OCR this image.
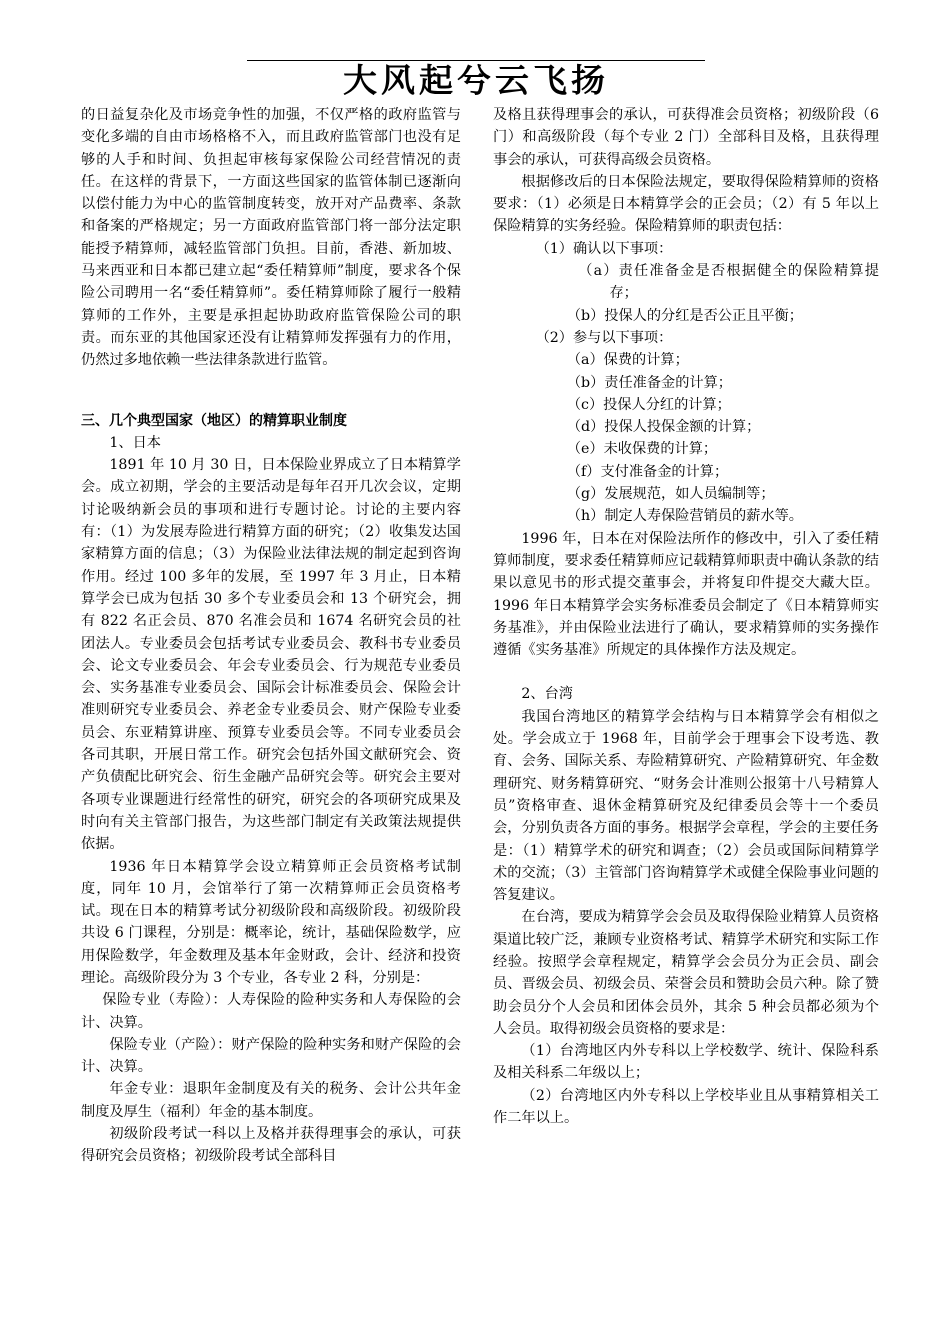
大风起兮云飞扬

的日益复杂化及市场竞争性的加强，不仅严格的政府监管与变化多端的自由市场格格不入，而且政府监管部门也没有足够的人手和时间、负担起审核每家保险公司经营情况的责任。在这样的背景下，一方面这些国家的监管体制已逐渐向以偿付能力为中心的监管制度转变，放开对产品费率、条款和备案的严格规定；另一方面政府监管部门将一部分法定职能授予精算师，减轻监管部门负担。目前，香港、新加坡、马来西亚和日本都已建立起“委任精算师”制度，要求各个保险公司聘用一名“委任精算师”。委任精算师除了履行一般精算师的工作外，主要是承担起协助政府监管保险公司的职责。而东亚的其他国家还没有让精算师发挥强有力的作用，仍然过多地依赖一些法律条款进行监管。

三、几个典型国家（地区）的精算职业制度

1、日本

1891 年 10 月 30 日，日本保险业界成立了日本精算学会。成立初期，学会的主要活动是每年召开几次会议，定期讨论吸纳新会员的事项和进行专题讨论。讨论的主要内容有：（1）为发展寿险进行精算方面的研究；（2）收集发达国家精算方面的信息；（3）为保险业法律法规的制定起到咨询作用。经过 100 多年的发展，至 1997 年 3 月止，日本精算学会已成为包括 30 多个专业委员会和 13 个研究会，拥有 822 名正会员、870 名准会员和 1674 名研究会员的社团法人。专业委员会包括考试专业委员会、教科书专业委员会、论文专业委员会、年会专业委员会、行为规范专业委员会、实务基准专业委员会、国际会计标准委员会、保险会计准则研究专业委员会、养老金专业委员会、财产保险专业委员会、东亚精算讲座、预算专业委员会等。不同专业委员会各司其职，开展日常工作。研究会包括外国文献研究会、资产负债配比研究会、衍生金融产品研究会等。研究会主要对各项专业课题进行经常性的研究，研究会的各项研究成果及时向有关主管部门报告，为这些部门制定有关政策法规提供依据。

1936 年日本精算学会设立精算师正会员资格考试制度，同年 10 月，会馆举行了第一次精算师正会员资格考试。现在日本的精算考试分初级阶段和高级阶段。初级阶段共设 6 门课程，分别是：概率论，统计，基础保险数学，应用保险数学，年金数理及基本年金财政，会计、经济和投资理论。高级阶段分为 3 个专业，各专业 2 科，分别是：

保险专业（寿险）：人寿保险的险种实务和人寿保险的会计、决算。

保险专业（产险）：财产保险的险种实务和财产保险的会计、决算。

年金专业：退职年金制度及有关的税务、会计公共年金制度及厚生（福利）年金的基本制度。

初级阶段考试一科以上及格并获得理事会的承认，可获得研究会员资格；初级阶段考试全部科目

及格且获得理事会的承认，可获得准会员资格；初级阶段（6 门）和高级阶段（每个专业 2 门）全部科目及格，且获得理事会的承认，可获得高级会员资格。

根据修改后的日本保险法规定，要取得保险精算师的资格要求：（1）必须是日本精算学会的正会员；（2）有 5 年以上保险精算的实务经验。保险精算师的职责包括：

（1）确认以下事项：

（a）责任准备金是否根据健全的保险精算提存；

（b）投保人的分红是否公正且平衡；

（2）参与以下事项：

（a）保费的计算；

（b）责任准备金的计算；

（c）投保人分红的计算；

（d）投保人投保金额的计算；

（e）未收保费的计算；

（f）支付准备金的计算；

（g）发展规范，如人员编制等；

（h）制定人寿保险营销员的薪水等。

1996 年，日本在对保险法所作的修改中，引入了委任精算师制度，要求委任精算师应记载精算师职责中确认条款的结果以意见书的形式提交董事会，并将复印件提交大藏大臣。1996 年日本精算学会实务标准委员会制定了《日本精算师实务基准》，并由保险业法进行了确认，要求精算师的实务操作遵循《实务基准》所规定的具体操作方法及规定。

2、台湾

我国台湾地区的精算学会结构与日本精算学会有相似之处。学会成立于 1968 年，目前学会于理事会下设考选、教育、会务、国际关系、寿险精算研究、产险精算研究、年金数理研究、财务精算研究、“财务会计准则公报第十八号精算人员”资格审查、退休金精算研究及纪律委员会等十一个委员会，分别负责各方面的事务。根据学会章程，学会的主要任务是：（1）精算学术的研究和调查；（2）会员或国际间精算学术的交流；（3）主管部门咨询精算学术或健全保险事业问题的答复建议。

在台湾，要成为精算学会会员及取得保险业精算人员资格渠道比较广泛，兼顾专业资格考试、精算学术研究和实际工作经验。按照学会章程规定，精算学会会员分为正会员、副会员、晋级会员、初级会员、荣誉会员和赞助会员六种。除了赞助会员分个人会员和团体会员外，其余 5 种会员都必须为个人会员。取得初级会员资格的要求是：

（1）台湾地区内外专科以上学校数学、统计、保险科系及相关科系二年级以上；

（2）台湾地区内外专科以上学校毕业且从事精算相关工作二年以上。
